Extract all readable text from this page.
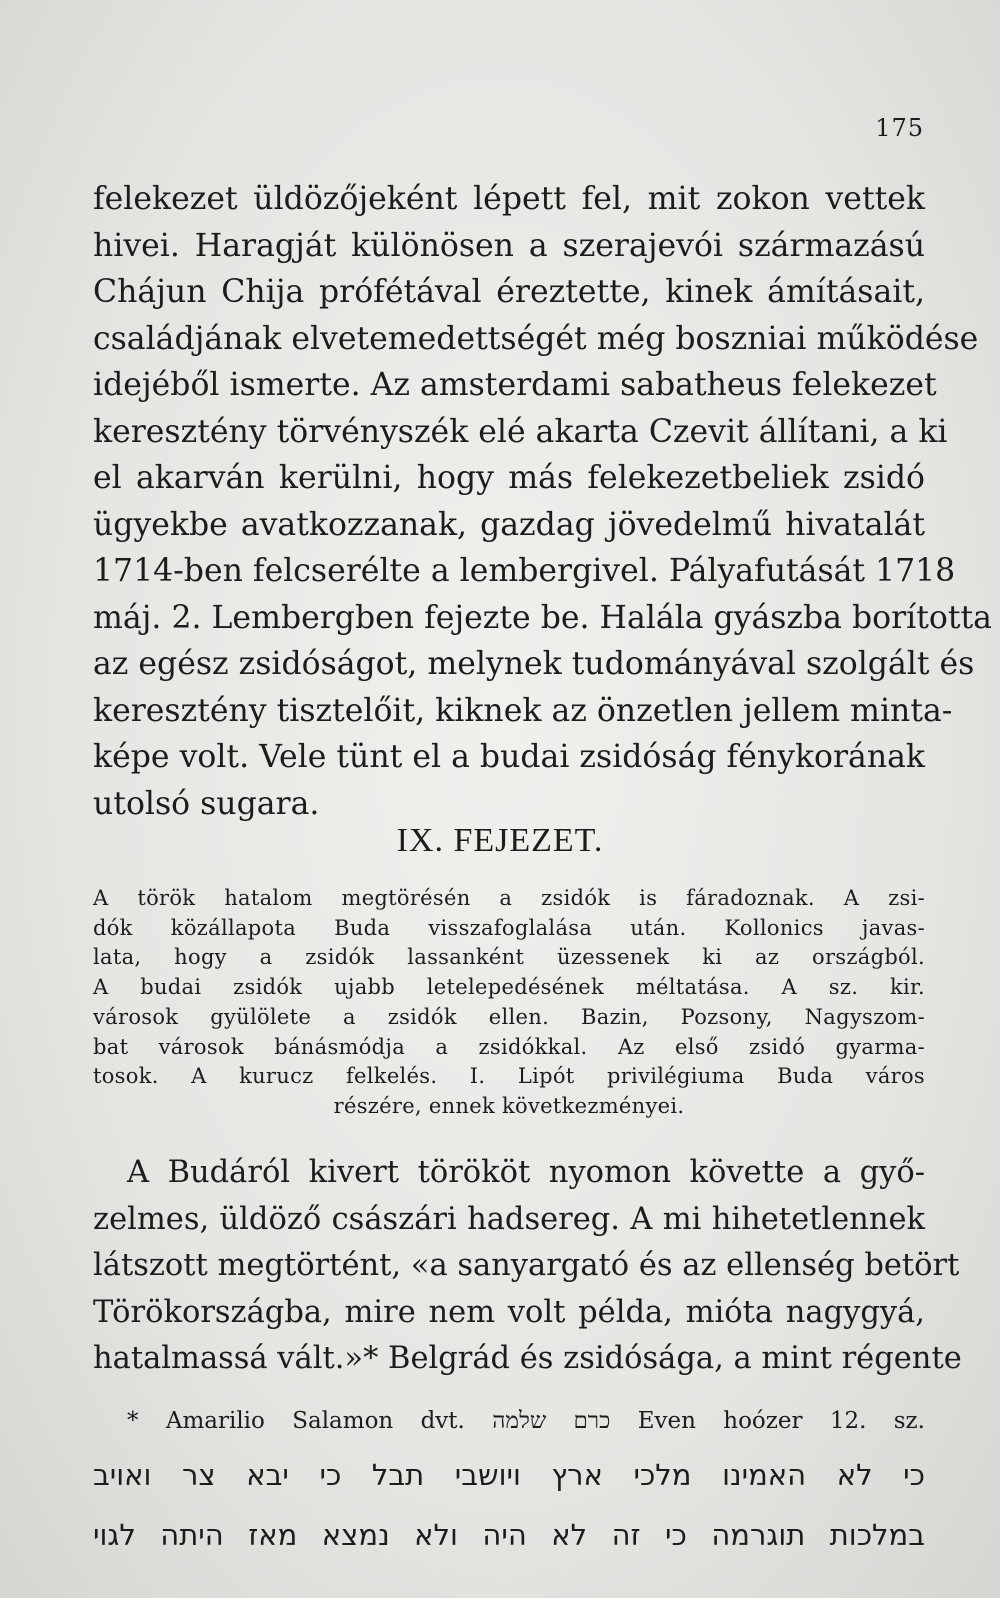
175
felekezet üldözőjeként lépett fel, mit zokon vettek
hivei. Haragját különösen a szerajevói származású
Chájun Chija prófétával éreztette, kinek ámításait,
családjának elvetemedettségét még boszniai működése
idejéből ismerte. Az amsterdami sabatheus felekezet
keresztény törvényszék elé akarta Czevit állítani, a ki
el akarván kerülni, hogy más felekezetbeliek zsidó
ügyekbe avatkozzanak, gazdag jövedelmű hivatalát
1714-ben felcserélte a lembergivel. Pályafutását 1718
máj. 2. Lembergben fejezte be. Halála gyászba borította
az egész zsidóságot, melynek tudományával szolgált és
keresztény tisztelőit, kiknek az önzetlen jellem minta-
képe volt. Vele tünt el a budai zsidóság fénykorának
utolsó sugara.
IX. FEJEZET.
A török hatalom megtörésén a zsidók is fáradoznak. A zsi-
dók közállapota Buda visszafoglalása után. Kollonics javas-
lata, hogy a zsidók lassanként üzessenek ki az országból.
A budai zsidók ujabb letelepedésének méltatása. A sz. kir.
városok gyülölete a zsidók ellen. Bazin, Pozsony, Nagyszom-
bat városok bánásmódja a zsidókkal. Az első zsidó gyarma-
tosok. A kurucz felkelés. I. Lipót privilégiuma Buda város
részére, ennek következményei.
A Budáról kivert törököt nyomon követte a győ-
zelmes, üldöző császári hadsereg. A mi hihetetlennek
látszott megtörtént, «a sanyargató és az ellenség betört
Törökországba, mire nem volt példa, mióta nagygyá,
hatalmassá vált.»* Belgrád és zsidósága, a mint régente
* Amarilio Salamon dvt. כרם שלמה Even hoózer 12. sz.
כי לא האמינו מלכי ארץ ויושבי תבל כי יבא צר ואויב
במלכות תוגרמה כי זה לא היה ולא נמצא מאז היתה לגוי
